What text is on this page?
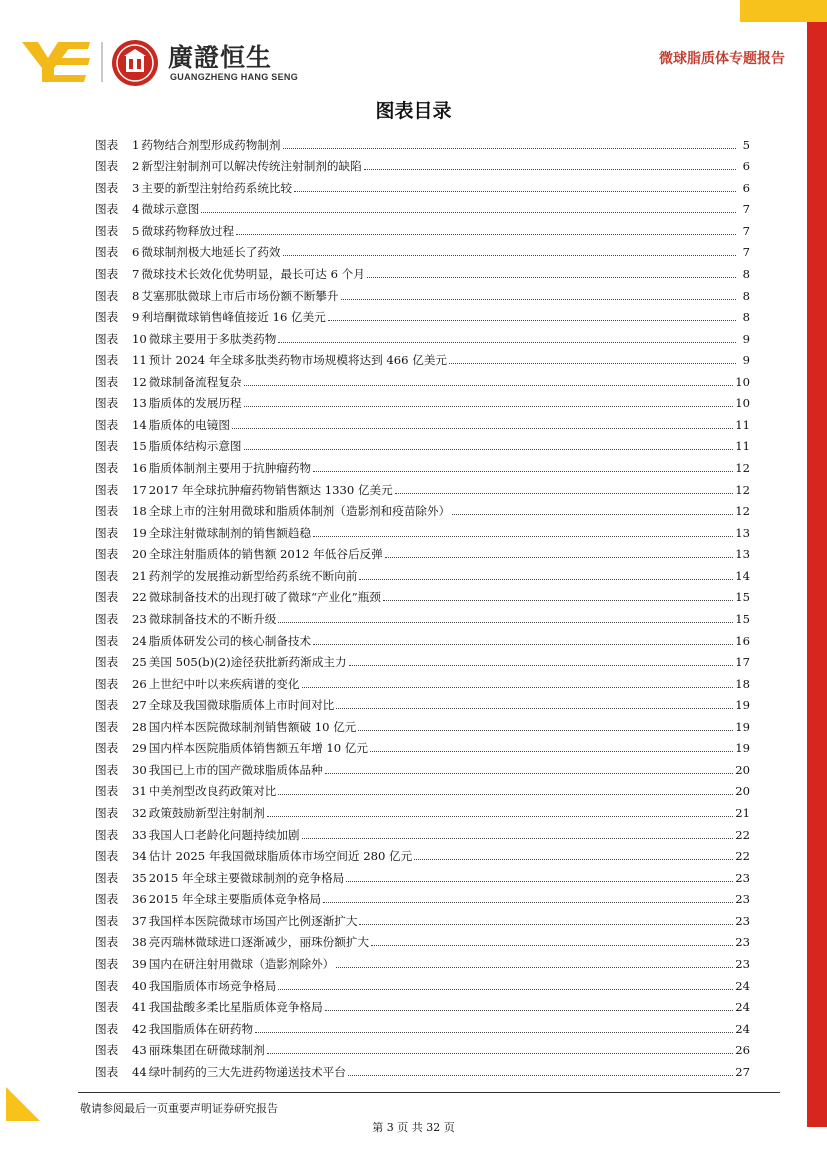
廣證恒生
GUANGZHENG HANG SENG
微球脂质体专题报告
图表目录
图表	1 药物结合剂型形成药物制剂	5
图表	2 新型注射制剂可以解决传统注射制剂的缺陷	6
图表	3 主要的新型注射给药系统比较	6
图表	4 微球示意图	7
图表	5 微球药物释放过程	7
图表	6 微球制剂极大地延长了药效	7
图表	7 微球技术长效化优势明显，最长可达 6 个月	8
图表	8 艾塞那肽微球上市后市场份额不断攀升	8
图表	9 利培酮微球销售峰值接近 16 亿美元	8
图表	10 微球主要用于多肽类药物	9
图表	11 预计 2024 年全球多肽类药物市场规模将达到 466 亿美元	9
图表	12 微球制备流程复杂	10
图表	13 脂质体的发展历程	10
图表	14 脂质体的电镜图	11
图表	15 脂质体结构示意图	11
图表	16 脂质体制剂主要用于抗肿瘤药物	12
图表	17 2017 年全球抗肿瘤药物销售额达 1330 亿美元	12
图表	18 全球上市的注射用微球和脂质体制剂（造影剂和疫苗除外）	12
图表	19 全球注射微球制剂的销售额趋稳	13
图表	20 全球注射脂质体的销售额 2012 年低谷后反弹	13
图表	21 药剂学的发展推动新型给药系统不断向前	14
图表	22 微球制备技术的出现打破了微球“产业化”瓶颈	15
图表	23 微球制备技术的不断升级	15
图表	24 脂质体研发公司的核心制备技术	16
图表	25 美国 505(b)(2)途径获批新药渐成主力	17
图表	26 上世纪中叶以来疾病谱的变化	18
图表	27 全球及我国微球脂质体上市时间对比	19
图表	28 国内样本医院微球制剂销售额破 10 亿元	19
图表	29 国内样本医院脂质体销售额五年增 10 亿元	19
图表	30 我国已上市的国产微球脂质体品种	20
图表	31 中美剂型改良药政策对比	20
图表	32 政策鼓励新型注射制剂	21
图表	33 我国人口老龄化问题持续加剧	22
图表	34 估计 2025 年我国微球脂质体市场空间近 280 亿元	22
图表	35 2015 年全球主要微球制剂的竞争格局	23
图表	36 2015 年全球主要脂质体竞争格局	23
图表	37 我国样本医院微球市场国产比例逐渐扩大	23
图表	38 亮丙瑞林微球进口逐渐减少，丽珠份额扩大	23
图表	39 国内在研注射用微球（造影剂除外）	23
图表	40 我国脂质体市场竞争格局	24
图表	41 我国盐酸多柔比星脂质体竞争格局	24
图表	42 我国脂质体在研药物	24
图表	43 丽珠集团在研微球制剂	26
图表	44 绿叶制药的三大先进药物递送技术平台	27
敬请参阅最后一页重要声明证券研究报告
第 3 页 共 32 页
